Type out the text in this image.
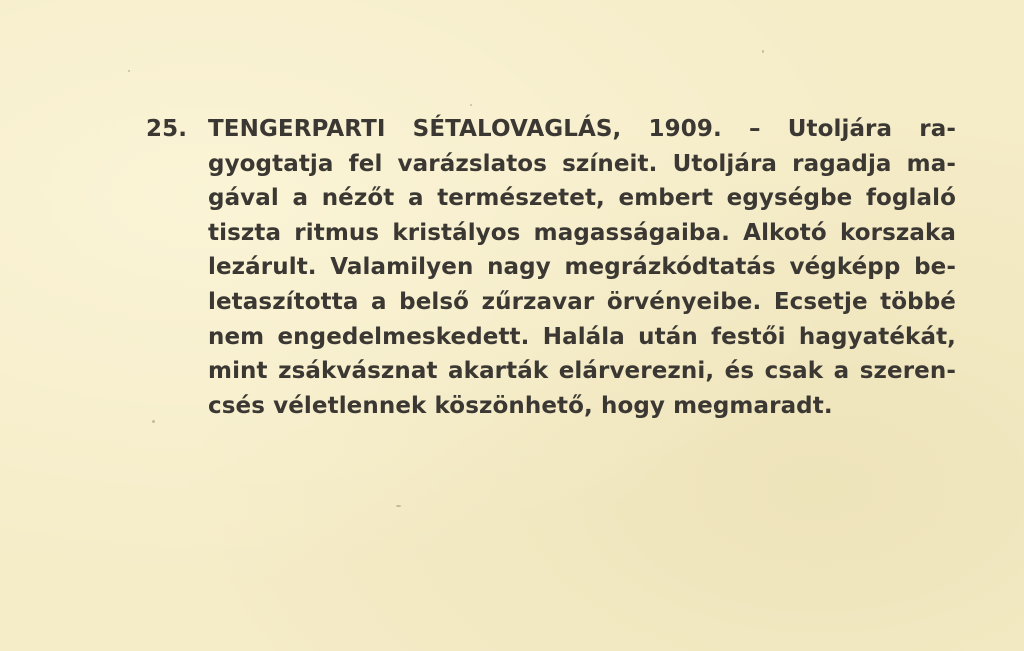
25. TENGERPARTI SÉTALOVAGLÁS, 1909. – Utoljára ra-
gyogtatja fel varázslatos színeit. Utoljára ragadja ma-
gával a nézőt a természetet, embert egységbe foglaló
tiszta ritmus kristályos magasságaiba. Alkotó korszaka
lezárult. Valamilyen nagy megrázkódtatás végképp be-
letaszította a belső zűrzavar örvényeibe. Ecsetje többé
nem engedelmeskedett. Halála után festői hagyatékát,
mint zsákvásznat akarták elárverezni, és csak a szeren-
csés véletlennek köszönhető, hogy megmaradt.
